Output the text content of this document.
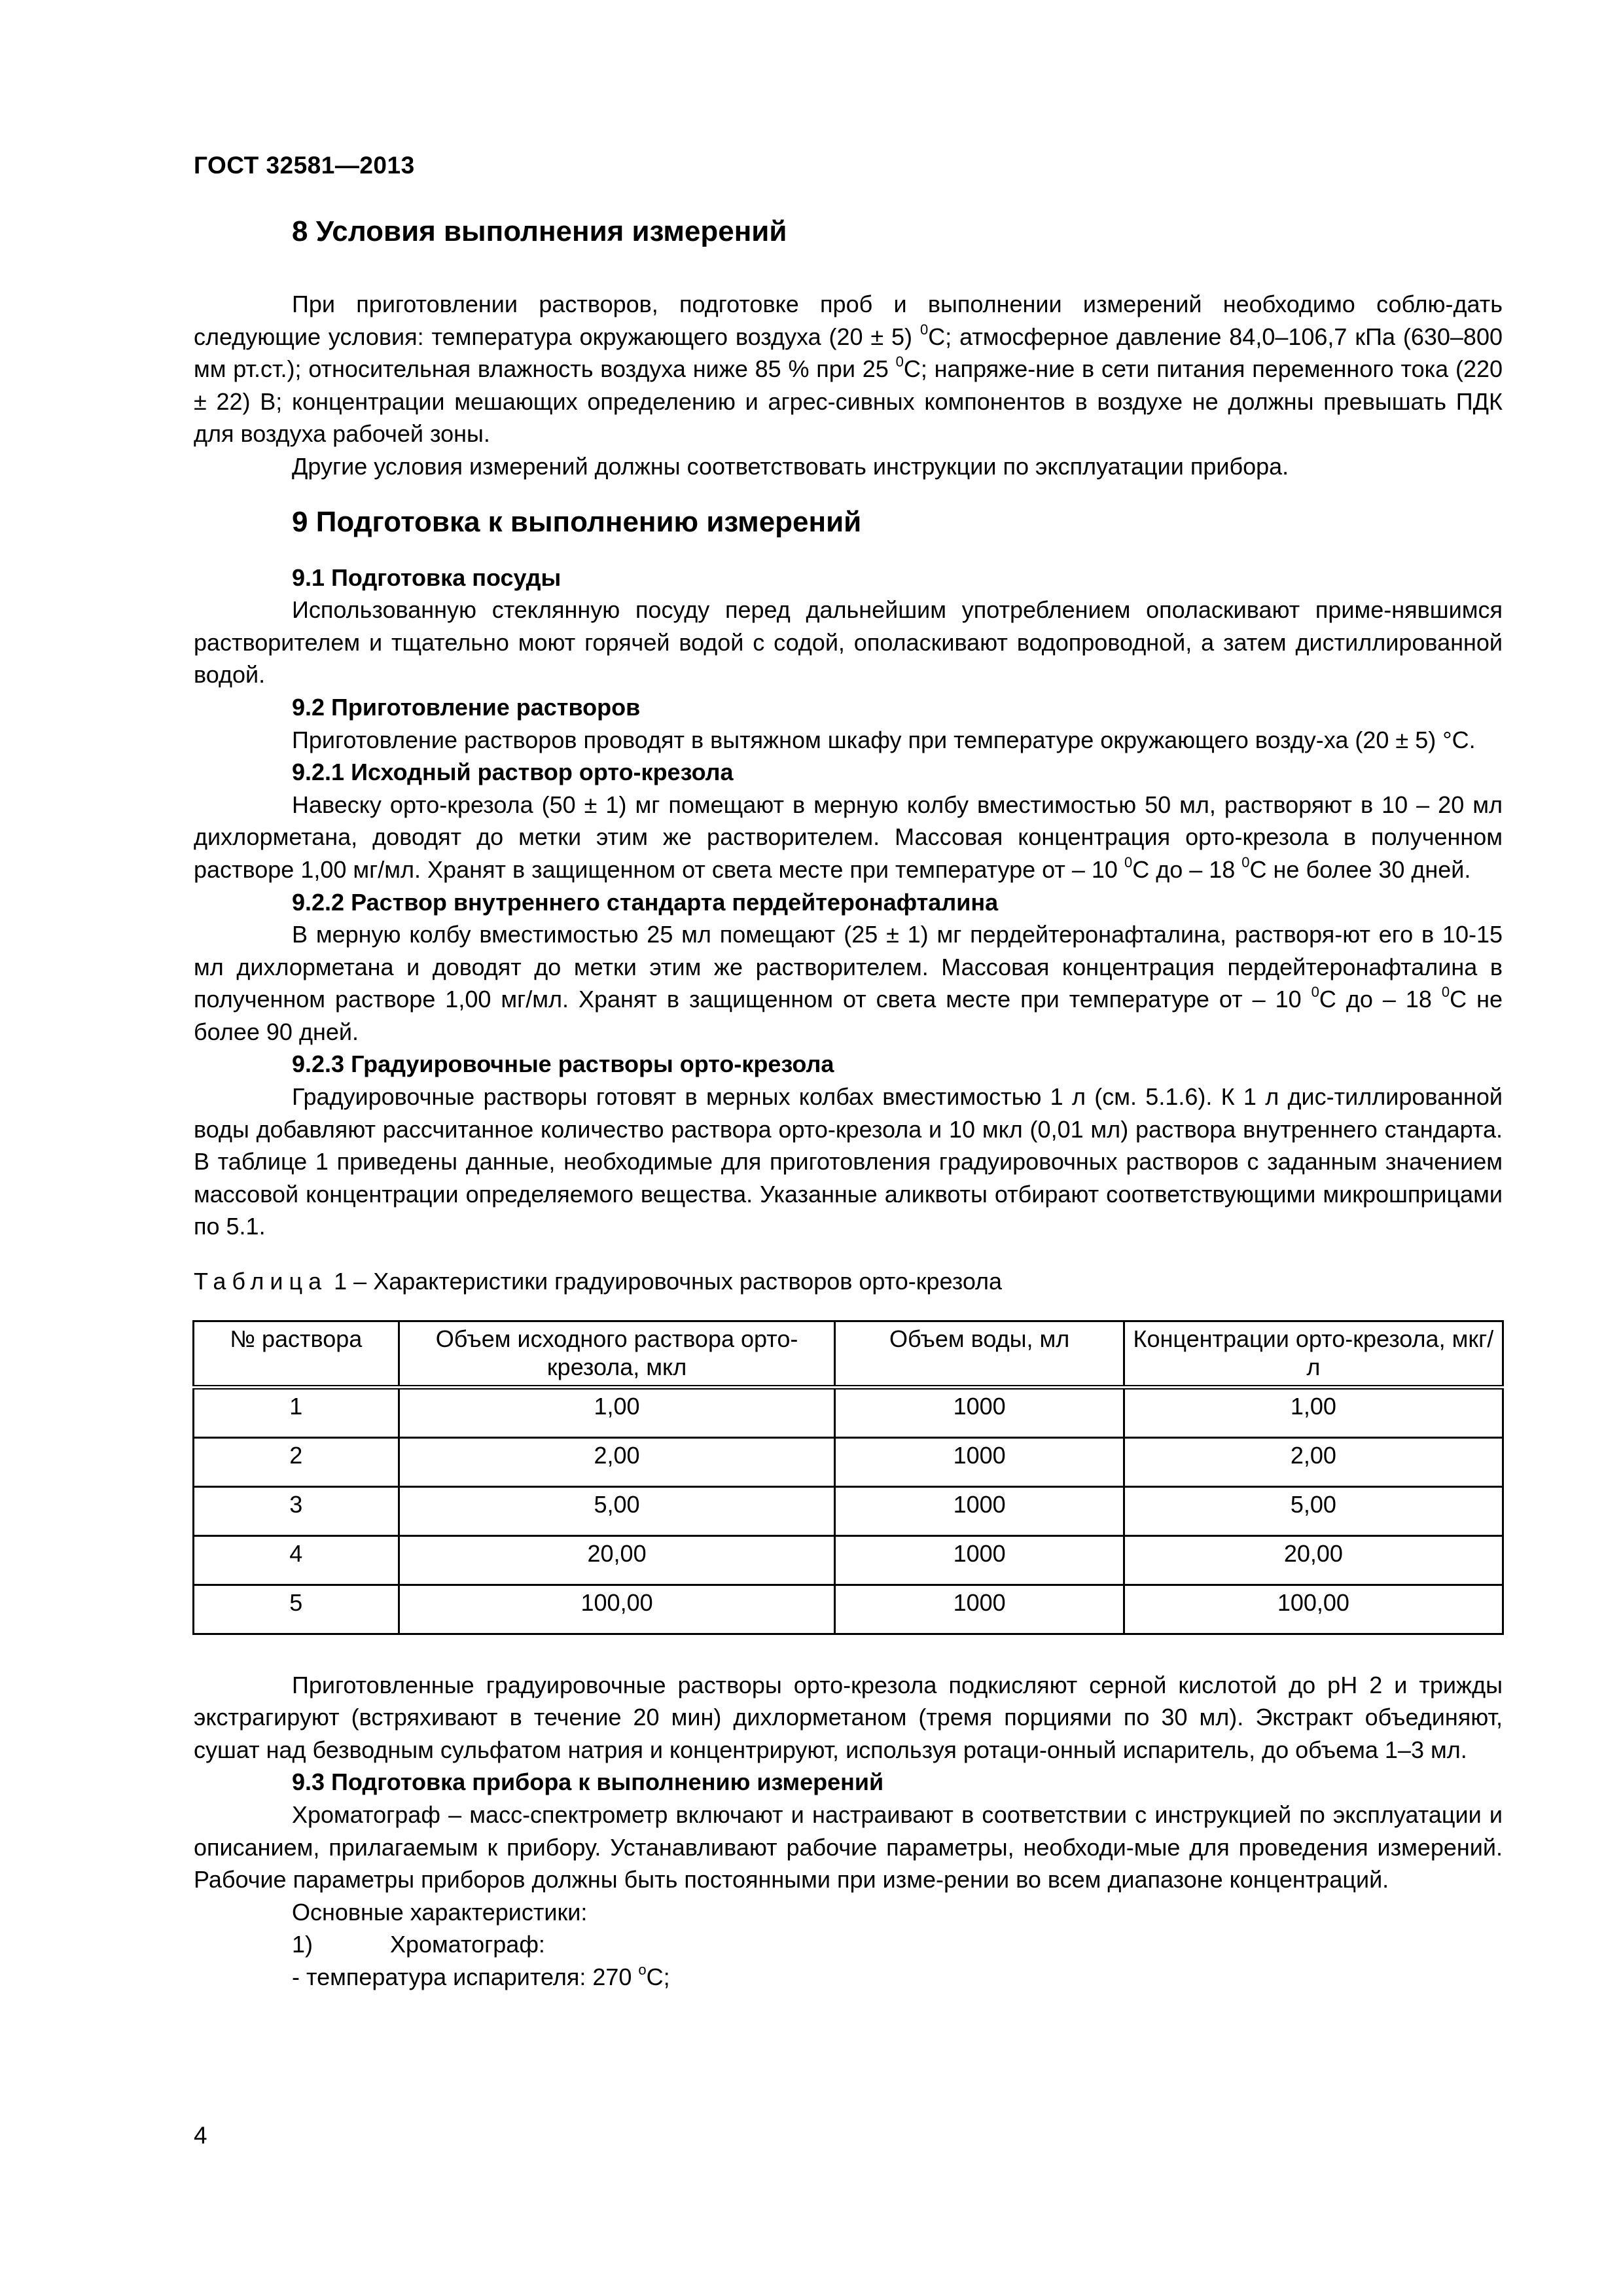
ГОСТ 32581—2013
8 Условия выполнения измерений

При приготовлении растворов, подготовке проб и выполнении измерений необходимо соблю-дать следующие условия: температура окружающего воздуха (20 ± 5) $^0$С; атмосферное давление 84,0–106,7 кПа (630–800 мм рт.ст.); относительная влажность воздуха ниже 85 % при 25 $^0$С; напряже-ние в сети питания переменного тока (220 ± 22) В; концентрации мешающих определению и агрес-сивных компонентов в воздухе не должны превышать ПДК для воздуха рабочей зоны.

Другие условия измерений должны соответствовать инструкции по эксплуатации прибора.

9 Подготовка к выполнению измерений

9.1 Подготовка посуды

Использованную стеклянную посуду перед дальнейшим употреблением ополаскивают приме-нявшимся растворителем и тщательно моют горячей водой с содой, ополаскивают водопроводной, а затем дистиллированной водой.

9.2 Приготовление растворов

Приготовление растворов проводят в вытяжном шкафу при температуре окружающего возду-ха (20 ± 5) °С.

9.2.1 Исходный раствор орто-крезола

Навеску орто-крезола (50 ± 1) мг помещают в мерную колбу вместимостью 50 мл, растворяют в 10 – 20 мл дихлорметана, доводят до метки этим же растворителем. Массовая концентрация орто-крезола в полученном растворе 1,00 мг/мл. Хранят в защищенном от света месте при температуре от – 10 $^0$С до – 18 $^0$С не более 30 дней.

9.2.2 Раствор внутреннего стандарта пердейтеронафталина

В мерную колбу вместимостью 25 мл помещают (25 ± 1) мг пердейтеронафталина, растворя-ют его в 10-15 мл дихлорметана и доводят до метки этим же растворителем. Массовая концентрация пердейтеронафталина в полученном растворе 1,00 мг/мл. Хранят в защищенном от света месте при температуре от – 10 $^0$С до – 18 $^0$С не более 90 дней.

9.2.3 Градуировочные растворы орто-крезола

Градуировочные растворы готовят в мерных колбах вместимостью 1 л (см. 5.1.6). К 1 л дис-тиллированной воды добавляют рассчитанное количество раствора орто-крезола и 10 мкл (0,01 мл) раствора внутреннего стандарта. В таблице 1 приведены данные, необходимые для приготовления градуировочных растворов с заданным значением массовой концентрации определяемого вещества. Указанные аликвоты отбирают соответствующими микрошприцами по 5.1.

Таблица 1 – Характеристики градуировочных растворов орто-крезола

№ раствора	Объем исходного раствора орто-крезола, мкл	Объем воды, мл	Концентрации орто-крезола, мкг/л
1	1,00	1000	1,00
2	2,00	1000	2,00
3	5,00	1000	5,00
4	20,00	1000	20,00
5	100,00	1000	100,00

Приготовленные градуировочные растворы орто-крезола подкисляют серной кислотой до рН 2 и трижды экстрагируют (встряхивают в течение 20 мин) дихлорметаном (тремя порциями по 30 мл). Экстракт объединяют, сушат над безводным сульфатом натрия и концентрируют, используя ротаци-онный испаритель, до объема 1–3 мл.

9.3 Подготовка прибора к выполнению измерений

Хроматограф – масс-спектрометр включают и настраивают в соответствии с инструкцией по эксплуатации и описанием, прилагаемым к прибору. Устанавливают рабочие параметры, необходи-мые для проведения измерений. Рабочие параметры приборов должны быть постоянными при изме-рении во всем диапазоне концентраций.

Основные характеристики:

1)	Хроматограф:

- температура испарителя: 270 $^о$С;

4
